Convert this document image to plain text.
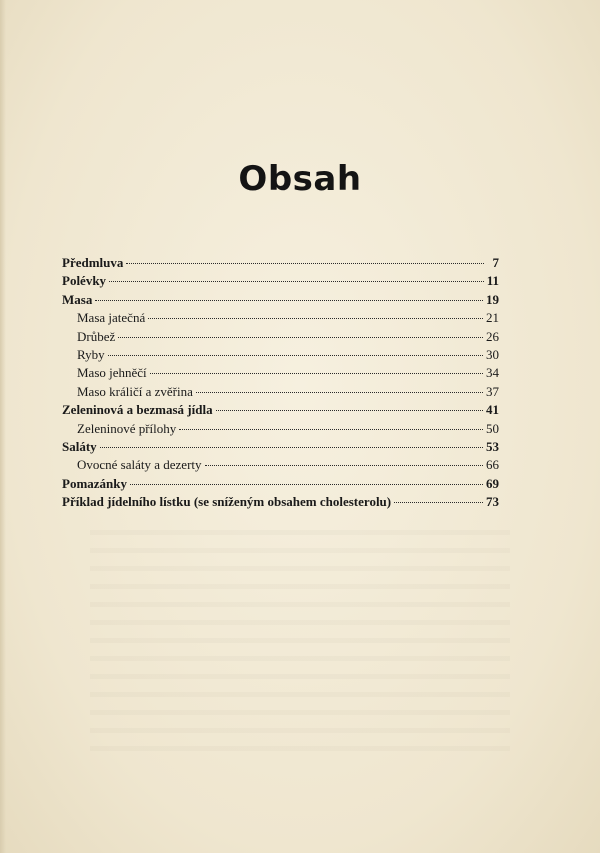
Obsah
Předmluva	7
Polévky	11
Masa	19
Masa jatečná	21
Drůbež	26
Ryby	30
Maso jehněčí	34
Maso králičí a zvěřina	37
Zeleninová a bezmasá jídla	41
Zeleninové přílohy	50
Saláty	53
Ovocné saláty a dezerty	66
Pomazánky	69
Příklad jídelního lístku (se sníženým obsahem cholesterolu)	73
